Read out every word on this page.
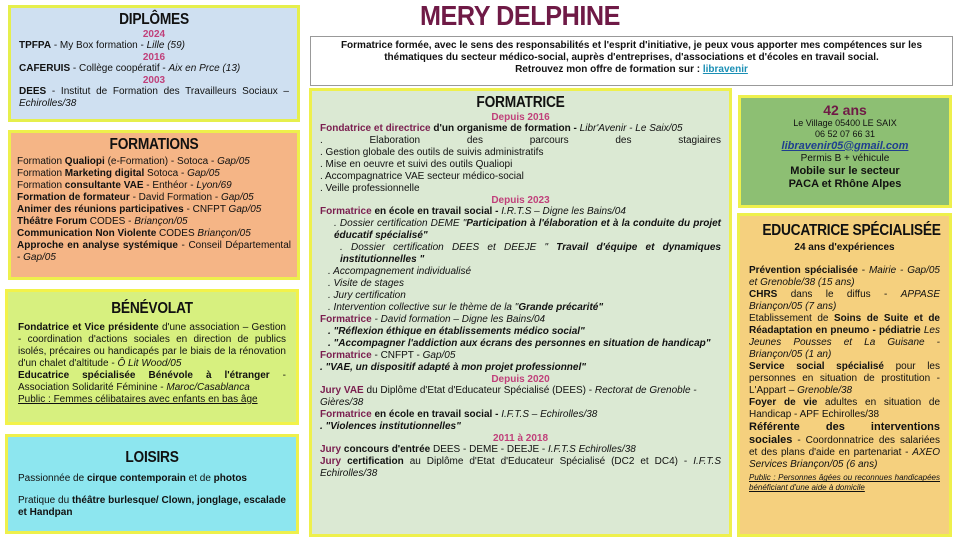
DIPLÔMES
2024
TPFPA - My Box formation - Lille (59)
2016
CAFERUIS - Collège coopératif - Aix en Prce (13)
2003
DEES - Institut de Formation des Travailleurs Sociaux – Echirolles/38
FORMATIONS
Formation Qualiopi (e-Formation) - Sotoca - Gap/05
Formation Marketing digital Sotoca - Gap/05
Formation consultante VAE - Enthéor - Lyon/69
Formation de formateur - David Formation - Gap/05
Animer des réunions participatives - CNFPT Gap/05
Théâtre Forum CODES - Briançon/05
Communication Non Violente CODES Briançon/05
Approche en analyse systémique - Conseil Départemental - Gap/05
BÉNÉVOLAT
Fondatrice et Vice présidente d'une association – Gestion - coordination d'actions sociales en direction de publics isolés, précaires ou handicapés par le biais de la rénovation d'un chalet d'altitude - Ô Lit Wood/05
Educatrice spécialisée Bénévole à l'étranger - Association Solidarité Féminine - Maroc/Casablanca
Public : Femmes célibataires avec enfants en bas âge
LOISIRS
Passionnée de cirque contemporain et de photos
Pratique du théâtre burlesque/ Clown, jonglage, escalade et Handpan
MERY DELPHINE
Formatrice formée, avec le sens des responsabilités et l'esprit d'initiative, je peux vous apporter mes compétences sur les thématiques du secteur médico-social, auprès d'entreprises, d'associations et d'écoles en travail social.
Retrouvez mon offre de formation sur : libravenir
FORMATRICE
Depuis 2016
Fondatrice et directrice d'un organisme de formation - Libr'Avenir - Le Saix/05
. Elaboration des parcours des stagiaires
. Gestion globale des outils de suivis administratifs
. Mise en oeuvre et suivi des outils Qualiopi
. Accompagnatrice VAE secteur médico-social
. Veille professionnelle
Depuis 2023
Formatrice en école en travail social - I.R.T.S – Digne les Bains/04
. Dossier certification DEME "Participation à l'élaboration et à la conduite du projet éducatif spécialisé"
. Dossier certification DEES et DEEJE " Travail d'équipe et dynamiques institutionnelles "
. Accompagnement individualisé
. Visite de stages
. Jury certification
. Intervention collective sur le thème de la "Grande précarité"
Formatrice - David formation – Digne les Bains/04
. "Réflexion éthique en établissements médico social"
. "Accompagner l'addiction aux écrans des personnes en situation de handicap"
Formatrice - CNFPT - Gap/05
. "VAE, un dispositif adapté à mon projet professionnel"
Depuis 2020
Jury VAE du Diplôme d'Etat d'Educateur Spécialisé (DEES) - Rectorat de Grenoble - Gières/38
Formatrice en école en travail social - I.F.T.S – Echirolles/38
. "Violences institutionnelles"
2011 à 2018
Jury concours d'entrée DEES - DEME - DEEJE - I.F.T.S Echirolles/38
Jury certification au Diplôme d'Etat d'Educateur Spécialisé (DC2 et DC4) - I.F.T.S Echirolles/38
42 ans
Le Village 05400 LE SAIX
06 52 07 66 31
libravenir05@gmail.com
Permis B + véhicule
Mobile sur le secteur
PACA et Rhône Alpes
EDUCATRICE SPÉCIALISÉE
24 ans d'expériences
Prévention spécialisée - Mairie - Gap/05 et Grenoble/38 (15 ans)
CHRS dans le diffus - APPASE Briançon/05 (7 ans)
Etablissement de Soins de Suite et de Réadaptation en pneumo - pédiatrie Les Jeunes Pousses et La Guisane - Briançon/05 (1 an)
Service social spécialisé pour les personnes en situation de prostitution - L'Appart – Grenoble/38
Foyer de vie adultes en situation de Handicap - APF Echirolles/38
Référente des interventions sociales - Coordonnatrice des salariées et des plans d'aide en partenariat - AXEO Services Briançon/05 (6 ans)
Public : Personnes âgées ou reconnues handicapées bénéficiant d'une aide à domicile
